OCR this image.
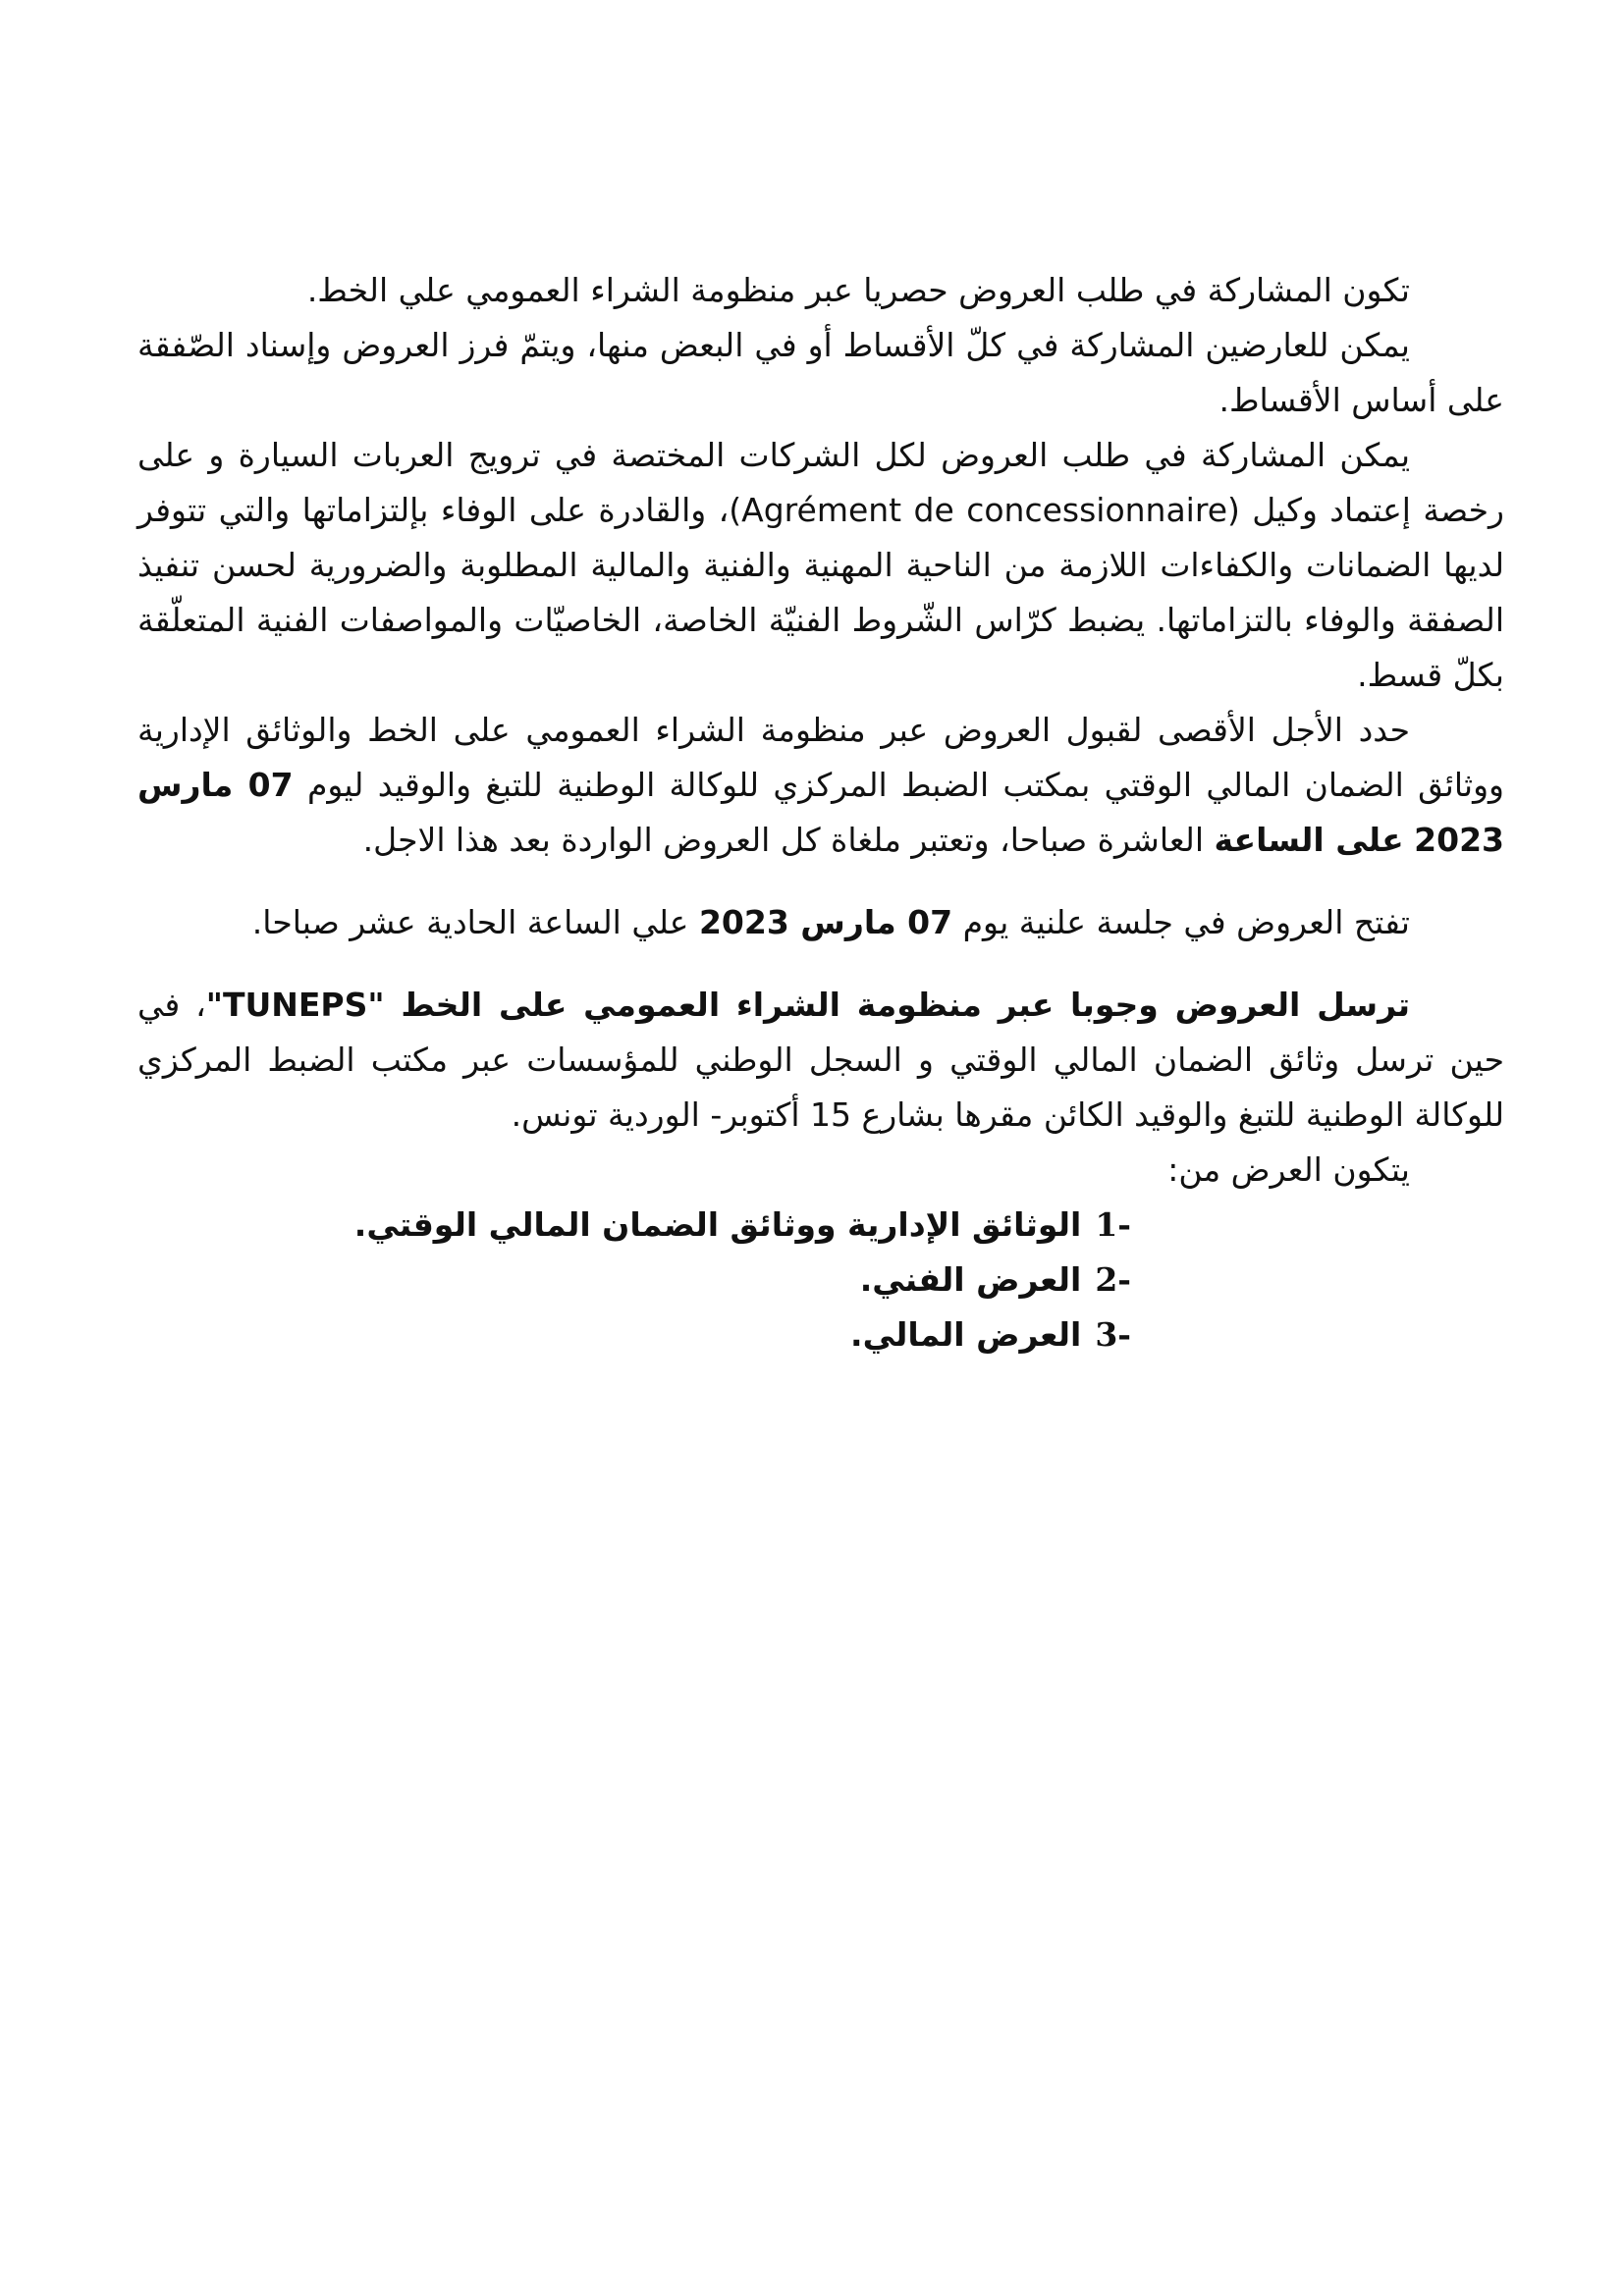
تكون المشاركة في طلب العروض حصريا عبر منظومة الشراء العمومي علي الخط.

يمكن للعارضين المشاركة في كلّ الأقساط أو في البعض منها، ويتمّ فرز العروض وإسناد الصّفقة على أساس الأقساط.

يمكن المشاركة في طلب العروض لكل الشركات المختصة في ترويج العربات السيارة و على رخصة إعتماد وكيل (Agrément de concessionnaire)، والقادرة على الوفاء بإلتزاماتها والتي تتوفر لديها الضمانات والكفاءات اللازمة من الناحية المهنية والفنية والمالية المطلوبة والضرورية لحسن تنفيذ الصفقة والوفاء بالتزاماتها. يضبط كرّاس الشّروط الفنيّة الخاصة، الخاصيّات والمواصفات الفنية المتعلّقة بكلّ قسط.

حدد الأجل الأقصى لقبول العروض عبر منظومة الشراء العمومي على الخط والوثائق الإدارية ووثائق الضمان المالي الوقتي بمكتب الضبط المركزي للوكالة الوطنية للتبغ والوقيد ليوم 07 مارس 2023 على الساعة العاشرة صباحا، وتعتبر ملغاة كل العروض الواردة بعد هذا الاجل.

تفتح العروض في جلسة علنية يوم 07 مارس 2023 علي الساعة الحادية عشر صباحا.

ترسل العروض وجوبا عبر منظومة الشراء العمومي على الخط "TUNEPS"، في حين ترسل وثائق الضمان المالي الوقتي و السجل الوطني للمؤسسات عبر مكتب الضبط المركزي للوكالة الوطنية للتبغ والوقيد الكائن مقرها بشارع 15 أكتوبر- الوردية تونس.

يتكون العرض من:

1-
الوثائق الإدارية ووثائق الضمان المالي الوقتي.
2-
العرض الفني.
3-
العرض المالي.
